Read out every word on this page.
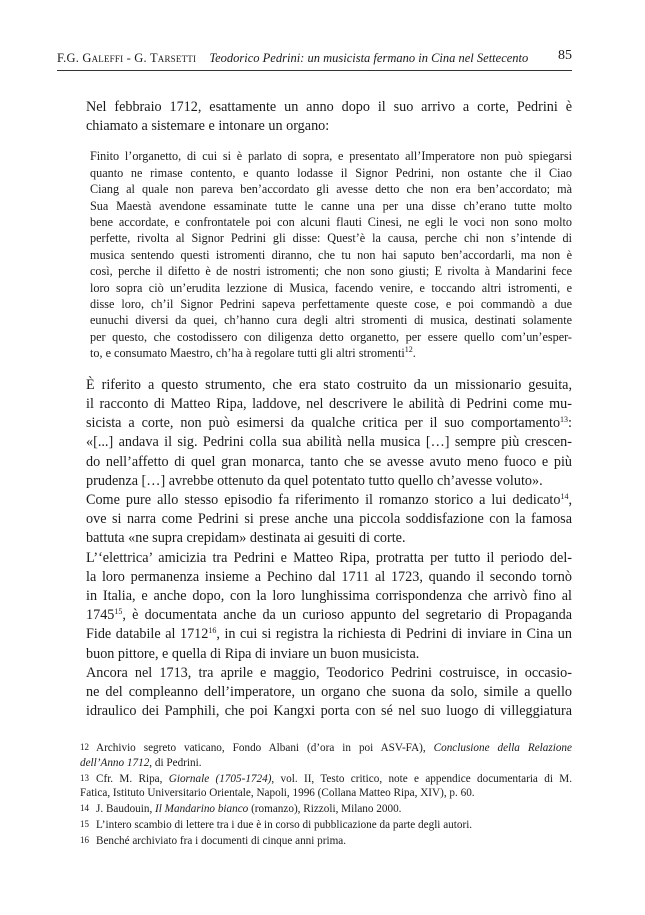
F.G. Galeffi - G. Tarsetti Teodorico Pedrini: un musicista fermano in Cina nel Settecento 85

Nel febbraio 1712, esattamente un anno dopo il suo arrivo a corte, Pedrini è
chiamato a sistemare e intonare un organo:

Finito l’organetto, di cui si è parlato di sopra, e presentato all’Imperatore non può spiegarsi
quanto ne rimase contento, e quanto lodasse il Signor Pedrini, non ostante che il Ciao
Ciang al quale non pareva ben’accordato gli avesse detto che non era ben’accordato; mà
Sua Maestà avendone essaminate tutte le canne una per una disse ch’erano tutte molto
bene accordate, e confrontatele poi con alcuni flauti Cinesi, ne egli le voci non sono molto
perfette, rivolta al Signor Pedrini gli disse: Quest’è la causa, perche chi non s’intende di
musica sentendo questi istromenti diranno, che tu non hai saputo ben’accordarli, ma non è
così, perche il difetto è de nostri istromenti; che non sono giusti; E rivolta à Mandarini fece
loro sopra ciò un’erudita lezzione di Musica, facendo venire, e toccando altri istromenti, e
disse loro, ch’il Signor Pedrini sapeva perfettamente queste cose, e poi commandò a due
eunuchi diversi da quei, ch’hanno cura degli altri stromenti di musica, destinati solamente
per questo, che costodissero con diligenza detto organetto, per essere quello com’un’esper-
to, e consumato Maestro, ch’ha à regolare tutti gli altri stromenti$^{12}$.

È riferito a questo strumento, che era stato costruito da un missionario gesuita,
il racconto di Matteo Ripa, laddove, nel descrivere le abilità di Pedrini come mu-
sicista a corte, non può esimersi da qualche critica per il suo comportamento$^{13}$:
«[...] andava il sig. Pedrini colla sua abilità nella musica […] sempre più crescen-
do nell’affetto di quel gran monarca, tanto che se avesse avuto meno fuoco e più
prudenza […] avrebbe ottenuto da quel potentato tutto quello ch’avesse voluto».

Come pure allo stesso episodio fa riferimento il romanzo storico a lui dedicato$^{14}$,
ove si narra come Pedrini si prese anche una piccola soddisfazione con la famosa
battuta «ne supra crepidam» destinata ai gesuiti di corte.

L’‘elettrica’ amicizia tra Pedrini e Matteo Ripa, protratta per tutto il periodo del-
la loro permanenza insieme a Pechino dal 1711 al 1723, quando il secondo tornò
in Italia, e anche dopo, con la loro lunghissima corrispondenza che arrivò fino al
1745$^{15}$, è documentata anche da un curioso appunto del segretario di Propaganda
Fide databile al 1712$^{16}$, in cui si registra la richiesta di Pedrini di inviare in Cina un
buon pittore, e quella di Ripa di inviare un buon musicista.

Ancora nel 1713, tra aprile e maggio, Teodorico Pedrini costruisce, in occasio-
ne del compleanno dell’imperatore, un organo che suona da solo, simile a quello
idraulico dei Pamphili, che poi Kangxi porta con sé nel suo luogo di villeggiatura

12 Archivio segreto vaticano, Fondo Albani (d’ora in poi ASV-FA), Conclusione della Relazione
dell’Anno 1712, di Pedrini.

13 Cfr. M. Ripa, Giornale (1705-1724), vol. II, Testo critico, note e appendice documentaria di M.
Fatica, Istituto Universitario Orientale, Napoli, 1996 (Collana Matteo Ripa, XIV), p. 60.

14 J. Baudouin, Il Mandarino bianco (romanzo), Rizzoli, Milano 2000.

15 L’intero scambio di lettere tra i due è in corso di pubblicazione da parte degli autori.

16 Benché archiviato fra i documenti di cinque anni prima.
